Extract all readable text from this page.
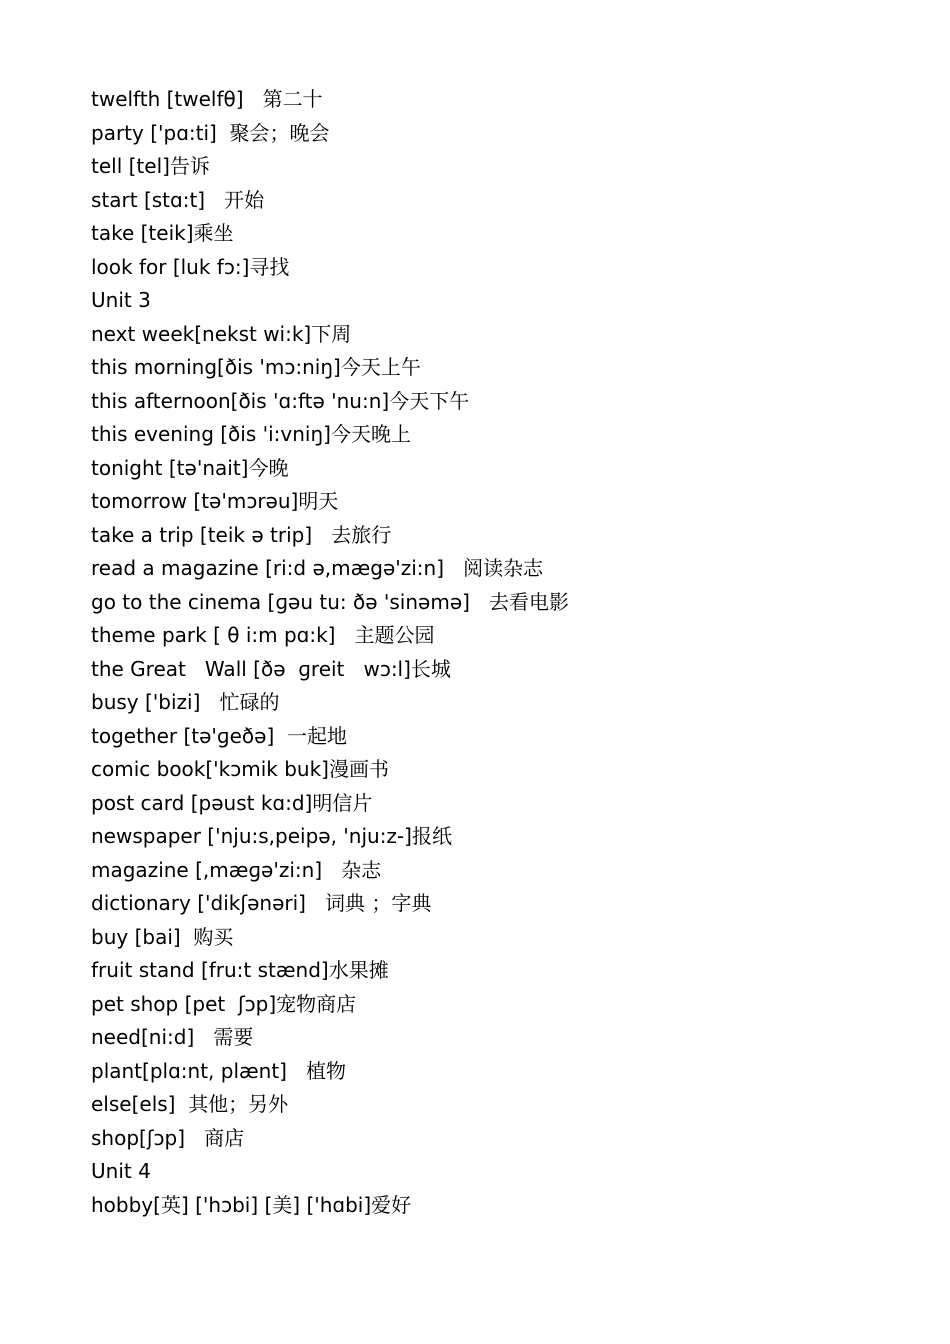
twelfth [twelfθ]   第二十

party ['pɑ:ti]  聚会；晚会

tell [tel]告诉

start [stɑ:t]   开始

take [teik]乘坐

look for [luk fɔ:]寻找

Unit 3

next week[nekst wi:k]下周

this morning[ðis 'mɔ:niŋ]今天上午

this afternoon[ðis 'ɑ:ftə 'nu:n]今天下午

this evening [ðis 'i:vniŋ]今天晚上

tonight [tə'nait]今晚

tomorrow [tə'mɔrəu]明天

take a trip [teik ə trip]   去旅行

read a magazine [ri:d ə,mægə'zi:n]   阅读杂志

go to the cinema [ɡəu tu: ðə 'sinəmə]   去看电影

theme park [ θ i:m pɑ:k]   主题公园

the Great   Wall [ðə  ɡreit   wɔ:l]长城

busy ['bizi]   忙碌的

together [tə'ɡeðə]  一起地

comic book['kɔmik buk]漫画书

post card [pəust kɑ:d]明信片

newspaper ['nju:s,peipə, 'nju:z-]报纸

magazine [,mæɡə'zi:n]   杂志

dictionary ['dikʃənəri]   词典 ；字典

buy [bai]  购买

fruit stand [fru:t stænd]水果摊

pet shop [pet  ʃɔp]宠物商店

need[ni:d]   需要

plant[plɑ:nt, plænt]   植物

else[els]  其他；另外

shop[ʃɔp]   商店

Unit 4

hobby[英] ['hɔbi] [美] ['hɑbi]爱好
